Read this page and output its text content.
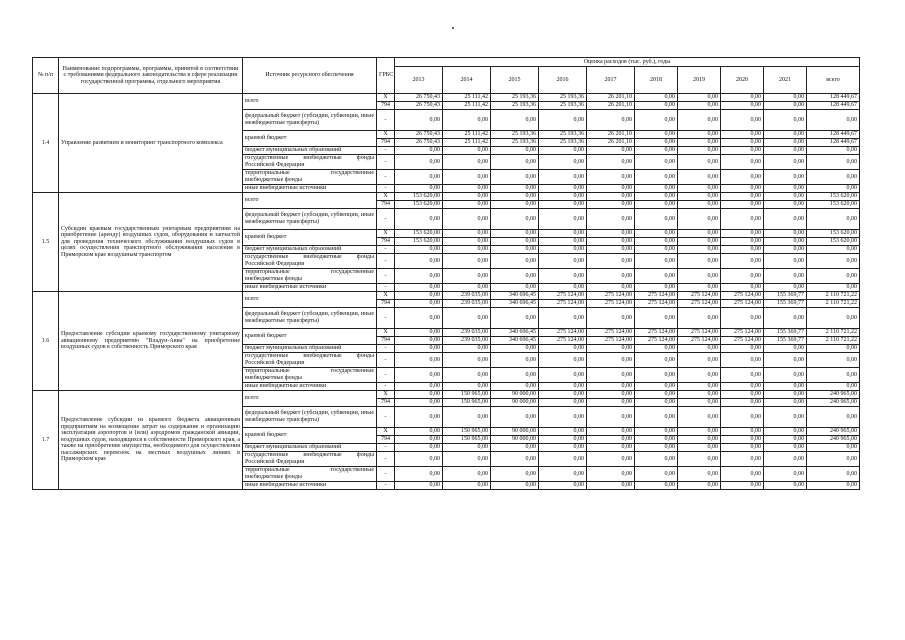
№ п/п	Наименование подпрограммы, программы, принятой в соответствии с требованиями федерального законодательства в сфере реализации государственной программы, отдельного мероприятия	Источник ресурсного обеспечения	ГРБС	Оценка расходов (тыс. руб.), годы									
				2013	2014	2015	2016	2017	2018	2019	2020	2021	всего
1.4	Управление развитием и мониторинг транспортного комплекса	всего	Х	26 750,43	25 111,42	25 193,36	25 193,36	26 201,10	0,00	0,00	0,00	0,00	128 449,67
			794	26 750,43	25 111,42	25 193,36	25 193,36	26 201,10	0,00	0,00	0,00	0,00	128 449,67
		федеральный бюджет (субсидии, субвенции, иные межбюджетные трансферты)	-	0,00	0,00	0,00	0,00	0,00	0,00	0,00	0,00	0,00	0,00
		краевой бюджет	Х	26 750,43	25 111,42	25 193,36	25 193,36	26 201,10	0,00	0,00	0,00	0,00	128 449,67
			794	26 750,43	25 111,42	25 193,36	25 193,36	26 201,10	0,00	0,00	0,00	0,00	128 449,67
		бюджет муниципальных образований	-	0,00	0,00	0,00	0,00	0,00	0,00	0,00	0,00	0,00	0,00
		государственные внебюджетные фонды Российской Федерации	-	0,00	0,00	0,00	0,00	0,00	0,00	0,00	0,00	0,00	0,00
		территориальные государственные внебюджетные фонды	-	0,00	0,00	0,00	0,00	0,00	0,00	0,00	0,00	0,00	0,00
		иные внебюджетные источники	-	0,00	0,00	0,00	0,00	0,00	0,00	0,00	0,00	0,00	0,00
1.5	Субсидии краевым государственным унитарным предприятиям на приобретение (аренду) воздушных судов, оборудования и запчастей для проведения технического обслуживания воздушных судов в целях осуществления транспортного обслуживания населения в Приморском крае воздушным транспортом	всего	Х	153 620,00	0,00	0,00	0,00	0,00	0,00	0,00	0,00	0,00	153 620,00
			794	153 620,00	0,00	0,00	0,00	0,00	0,00	0,00	0,00	0,00	153 620,00
		федеральный бюджет (субсидии, субвенции, иные межбюджетные трансферты)	-	0,00	0,00	0,00	0,00	0,00	0,00	0,00	0,00	0,00	0,00
		краевой бюджет	Х	153 620,00	0,00	0,00	0,00	0,00	0,00	0,00	0,00	0,00	153 620,00
			794	153 620,00	0,00	0,00	0,00	0,00	0,00	0,00	0,00	0,00	153 620,00
		бюджет муниципальных образований	-	0,00	0,00	0,00	0,00	0,00	0,00	0,00	0,00	0,00	0,00
		государственные внебюджетные фонды Российской Федерации	-	0,00	0,00	0,00	0,00	0,00	0,00	0,00	0,00	0,00	0,00
		территориальные государственные внебюджетные фонды	-	0,00	0,00	0,00	0,00	0,00	0,00	0,00	0,00	0,00	0,00
		иные внебюджетные источники	-	0,00	0,00	0,00	0,00	0,00	0,00	0,00	0,00	0,00	0,00
1.6	Предоставление субсидии краевому государственному унитарному авиационному предприятию "Владун-Авиа" на приобретение воздушных судов в собственность Приморского края	всего	Х	0,00	239 035,00	340 696,45	275 124,00	275 124,00	275 124,00	275 124,00	275 124,00	155 369,77	2 110 721,22
			794	0,00	239 035,00	340 696,45	275 124,00	275 124,00	275 124,00	275 124,00	275 124,00	155 369,77	2 110 721,22
		федеральный бюджет (субсидии, субвенции, иные межбюджетные трансферты)	-	0,00	0,00	0,00	0,00	0,00	0,00	0,00	0,00	0,00	0,00
		краевой бюджет	Х	0,00	239 035,00	340 696,45	275 124,00	275 124,00	275 124,00	275 124,00	275 124,00	155 369,77	2 110 721,22
			794	0,00	239 035,00	340 696,45	275 124,00	275 124,00	275 124,00	275 124,00	275 124,00	155 369,77	2 110 721,22
		бюджет муниципальных образований	-	0,00	0,00	0,00	0,00	0,00	0,00	0,00	0,00	0,00	0,00
		государственные внебюджетные фонды Российской Федерации	-	0,00	0,00	0,00	0,00	0,00	0,00	0,00	0,00	0,00	0,00
		территориальные государственные внебюджетные фонды	-	0,00	0,00	0,00	0,00	0,00	0,00	0,00	0,00	0,00	0,00
		иные внебюджетные источники	-	0,00	0,00	0,00	0,00	0,00	0,00	0,00	0,00	0,00	0,00
1.7	Предоставление субсидии из краевого бюджета авиационным предприятиям на возмещение затрат на содержание и организацию эксплуатации аэропортов и (или) аэродромов гражданской авиации, воздушных судов, находящихся в собственности Приморского края, а также на приобретение имущества, необходимого для осуществления пассажирских перевозок на местных воздушных линиях в Приморском крае	всего	Х	0,00	150 965,00	90 000,00	0,00	0,00	0,00	0,00	0,00	0,00	240 965,00
			794	0,00	150 965,00	90 000,00	0,00	0,00	0,00	0,00	0,00	0,00	240 965,00
		федеральный бюджет (субсидии, субвенции, иные межбюджетные трансферты)	-	0,00	0,00	0,00	0,00	0,00	0,00	0,00	0,00	0,00	0,00
		краевой бюджет	Х	0,00	150 965,00	90 000,00	0,00	0,00	0,00	0,00	0,00	0,00	240 965,00
			794	0,00	150 965,00	90 000,00	0,00	0,00	0,00	0,00	0,00	0,00	240 965,00
		бюджет муниципальных образований	-	0,00	0,00	0,00	0,00	0,00	0,00	0,00	0,00	0,00	0,00
		государственные внебюджетные фонды Российской Федерации	-	0,00	0,00	0,00	0,00	0,00	0,00	0,00	0,00	0,00	0,00
		территориальные государственные внебюджетные фонды	-	0,00	0,00	0,00	0,00	0,00	0,00	0,00	0,00	0,00	0,00
		иные внебюджетные источники	-	0,00	0,00	0,00	0,00	0,00	0,00	0,00	0,00	0,00	0,00
